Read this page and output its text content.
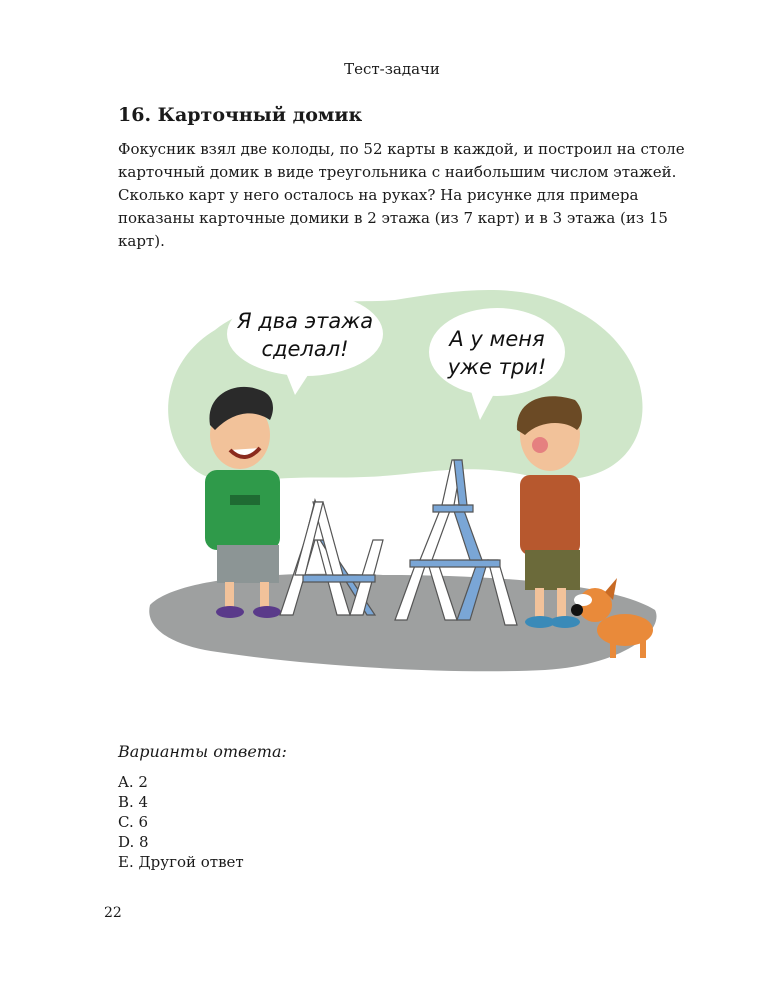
Тест-задачи
16. Карточный домик

Фокусник взял две колоды, по 52 карты в каждой, и построил на столе карточный домик в виде треугольника с наибольшим числом этажей.

Сколько карт у него осталось на руках? На рисунке для примера показаны карточные домики в 2 этажа (из 7 карт) и в 3 этажа (из 15 карт).

Я два этажа
сделал!	А у меня
уже три!
Варианты ответа:
A. 2
B. 4
C. 6
D. 8
E. Другой ответ
22
